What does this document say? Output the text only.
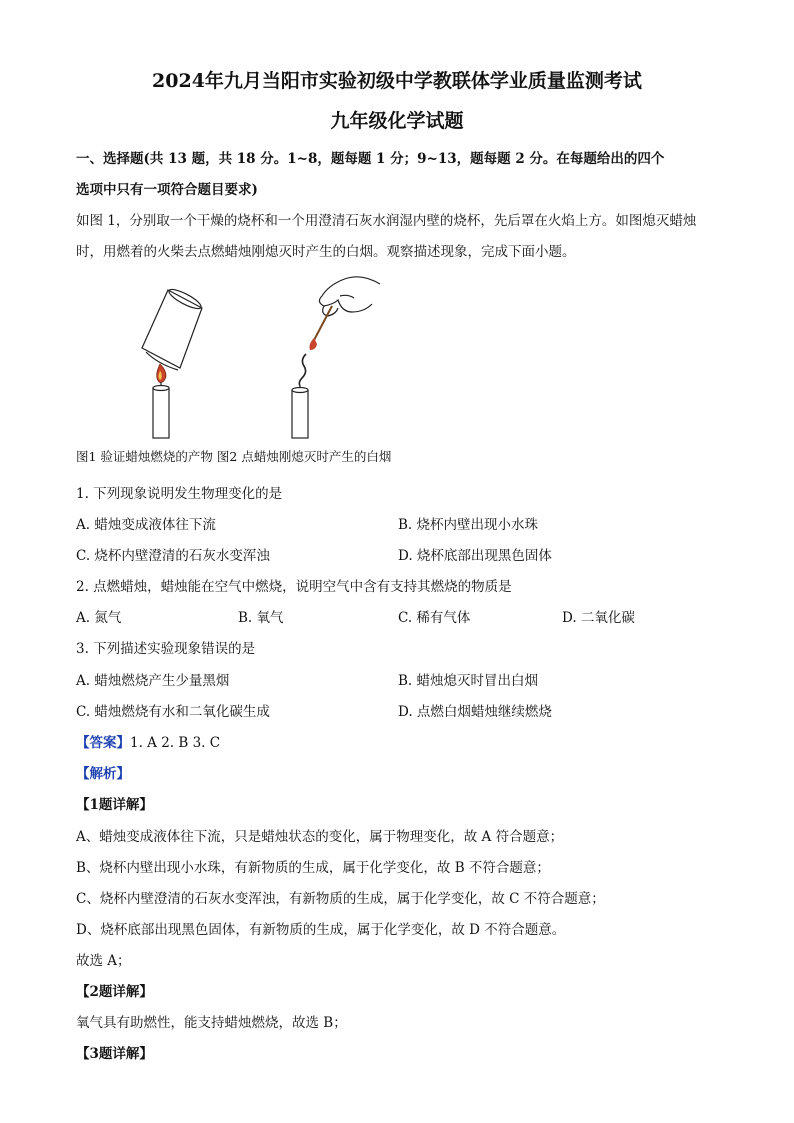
2024年九月当阳市实验初级中学教联体学业质量监测考试
九年级化学试题
一、选择题(共 13 题，共 18 分。1~8，题每题 1 分；9~13，题每题 2 分。在每题给出的四个
选项中只有一项符合题目要求)
如图 1，分别取一个干燥的烧杯和一个用澄清石灰水润湿内壁的烧杯，先后罩在火焰上方。如图熄灭蜡烛
时，用燃着的火柴去点燃蜡烛刚熄灭时产生的白烟。观察描述现象，完成下面小题。
图1 验证蜡烛燃烧的产物 图2 点蜡烛刚熄灭时产生的白烟
1. 下列现象说明发生物理变化的是
A. 蜡烛变成液体往下流	B. 烧杯内壁出现小水珠
C. 烧杯内壁澄清的石灰水变浑浊	D. 烧杯底部出现黑色固体
2. 点燃蜡烛，蜡烛能在空气中燃烧，说明空气中含有支持其燃烧的物质是
A. 氮气	B. 氧气	C. 稀有气体	D. 二氧化碳
3. 下列描述实验现象错误的是
A. 蜡烛燃烧产生少量黑烟	B. 蜡烛熄灭时冒出白烟
C. 蜡烛燃烧有水和二氧化碳生成	D. 点燃白烟蜡烛继续燃烧
【答案】1. A 2. B 3. C
【解析】
【1题详解】
A、蜡烛变成液体往下流，只是蜡烛状态的变化，属于物理变化，故 A 符合题意；
B、烧杯内壁出现小水珠，有新物质的生成，属于化学变化，故 B 不符合题意；
C、烧杯内壁澄清的石灰水变浑浊，有新物质的生成，属于化学变化，故 C 不符合题意；
D、烧杯底部出现黑色固体，有新物质的生成，属于化学变化，故 D 不符合题意。
故选 A；
【2题详解】
氧气具有助燃性，能支持蜡烛燃烧，故选 B；
【3题详解】
